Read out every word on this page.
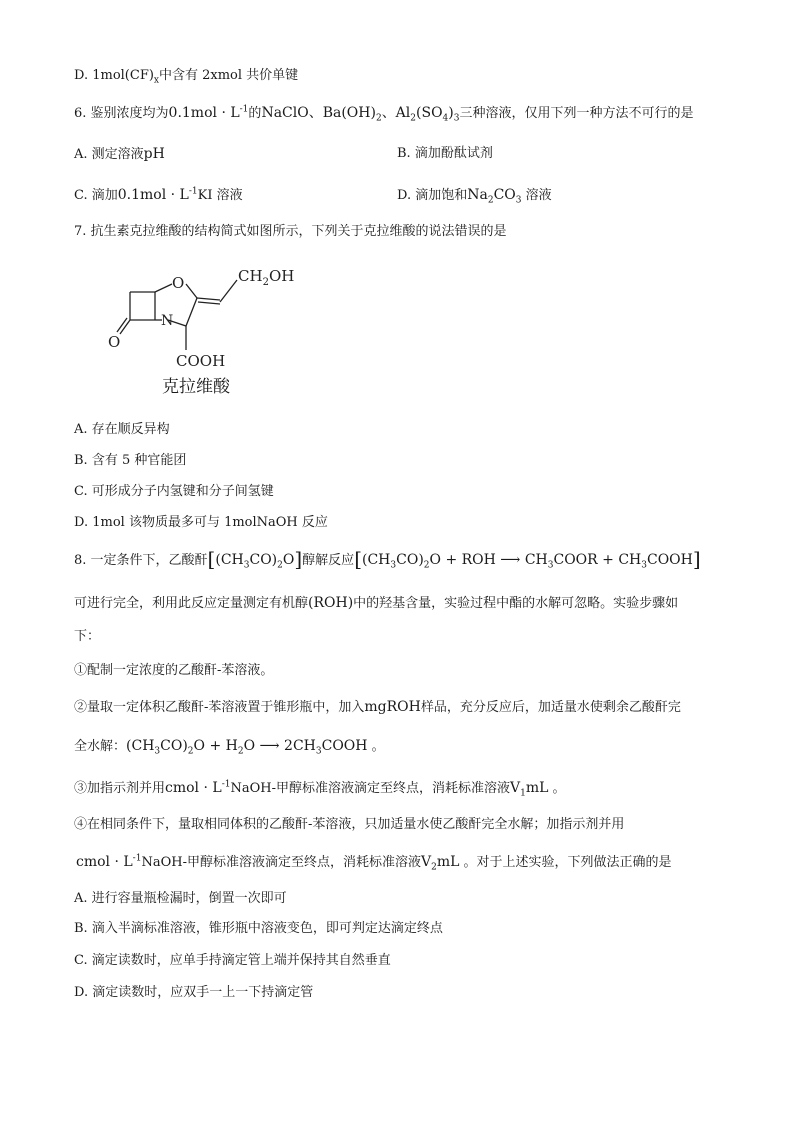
D. $1mol(CF)_x$中含有 2xmol 共价单键
6. 鉴别浓度均为$0.1mol \cdot L^{-1}$的NaClO、$Ba(OH)_2$、$Al_2(SO_4)_3$三种溶液，仅用下列一种方法不可行的是
A. 测定溶液pH	B. 滴加酚酞试剂
C. 滴加$0.1mol \cdot L^{-1}KI$ 溶液	D. 滴加饱和$Na_2CO_3$ 溶液
7. 抗生素克拉维酸的结构简式如图所示，下列关于克拉维酸的说法错误的是
$CH_2OH$
O
N
O
COOH
克拉维酸
A. 存在顺反异构
B. 含有 5 种官能团
C. 可形成分子内氢键和分子间氢键
D. 1mol 该物质最多可与 1molNaOH 反应
8. 一定条件下，乙酸酐$[(CH_3CO)_2O]$醇解反应[$(CH_3CO)_2O$ + ROH ⟶ $CH_3COOR$ + $CH_3COOH$]
可进行完全，利用此反应定量测定有机醇(ROH)中的羟基含量，实验过程中酯的水解可忽略。实验步骤如
下：
①配制一定浓度的乙酸酐-苯溶液。
②量取一定体积乙酸酐-苯溶液置于锥形瓶中，加入mgROH样品，充分反应后，加适量水使剩余乙酸酐完
全水解：$(CH_3CO)_2O + H_2O$ ⟶ $2CH_3COOH$ 。
③加指示剂并用cmol · $L^{-1}NaOH-$甲醇标准溶液滴定至终点，消耗标准溶液$V_1mL$ 。
④在相同条件下，量取相同体积的乙酸酐-苯溶液，只加适量水使乙酸酐完全水解；加指示剂并用
cmol · $L^{-1}NaOH-$甲醇标准溶液滴定至终点，消耗标准溶液$V_2mL$ 。对于上述实验，下列做法正确的是
A. 进行容量瓶检漏时，倒置一次即可
B. 滴入半滴标准溶液，锥形瓶中溶液变色，即可判定达滴定终点
C. 滴定读数时，应单手持滴定管上端并保持其自然垂直
D. 滴定读数时，应双手一上一下持滴定管
